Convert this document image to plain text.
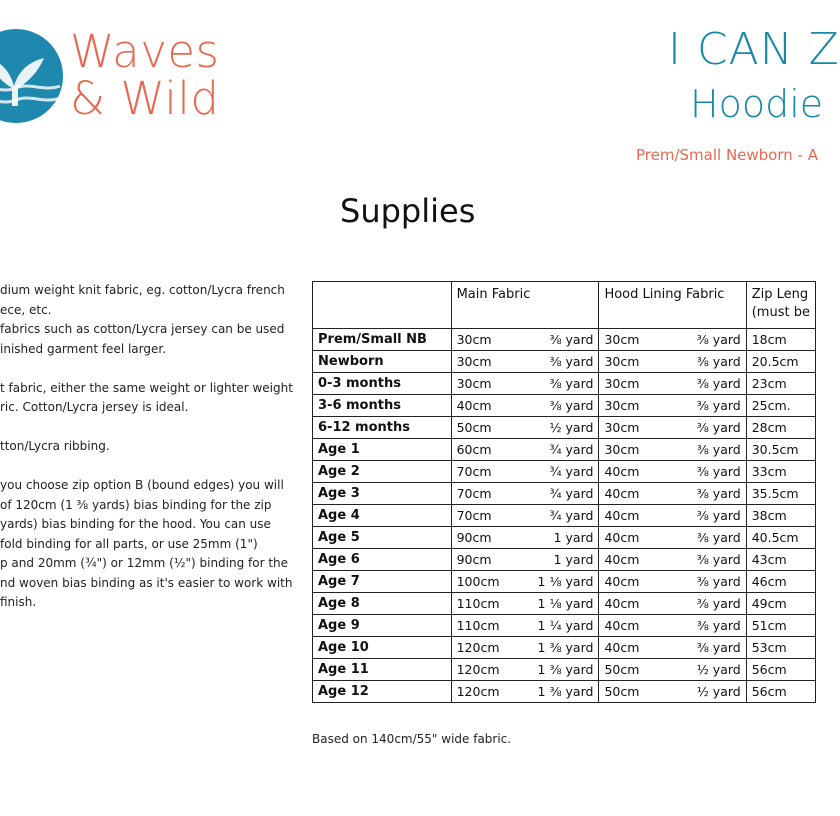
Waves
& Wild
I CAN Z
Hoodie
Prem/Small Newborn - A
Supplies

dium weight knit fabric, eg. cotton/Lycra french

ece, etc.

fabrics such as cotton/Lycra jersey can be used

inished garment feel larger.

t fabric, either the same weight or lighter weight

ric. Cotton/Lycra jersey is ideal.

tton/Lycra ribbing.

you choose zip option B (bound edges) you will

of 120cm (1 ⅜ yards) bias binding for the zip

yards) bias binding for the hood. You can use

fold binding for all parts, or use 25mm (1")

p and 20mm (¾") or 12mm (½") binding for the

nd woven bias binding as it's easier to work with

finish.

	Main Fabric		Hood Lining Fabric		Zip Leng
(must be
Prem/Small NB	30cm	⅜ yard	30cm	⅜ yard	18cm
Newborn	30cm	⅜ yard	30cm	⅜ yard	20.5cm
0-3 months	30cm	⅜ yard	30cm	⅜ yard	23cm
3-6 months	40cm	⅜ yard	30cm	⅜ yard	25cm.
6-12 months	50cm	½ yard	30cm	⅜ yard	28cm
Age 1	60cm	¾ yard	30cm	⅜ yard	30.5cm
Age 2	70cm	¾ yard	40cm	⅜ yard	33cm
Age 3	70cm	¾ yard	40cm	⅜ yard	35.5cm
Age 4	70cm	¾ yard	40cm	⅜ yard	38cm
Age 5	90cm	1 yard	40cm	⅜ yard	40.5cm
Age 6	90cm	1 yard	40cm	⅜ yard	43cm
Age 7	100cm	1 ⅛ yard	40cm	⅜ yard	46cm
Age 8	110cm	1 ⅛ yard	40cm	⅜ yard	49cm
Age 9	110cm	1 ¼ yard	40cm	⅜ yard	51cm
Age 10	120cm	1 ⅜ yard	40cm	⅜ yard	53cm
Age 11	120cm	1 ⅜ yard	50cm	½ yard	56cm
Age 12	120cm	1 ⅜ yard	50cm	½ yard	56cm
Based on 140cm/55" wide fabric.
